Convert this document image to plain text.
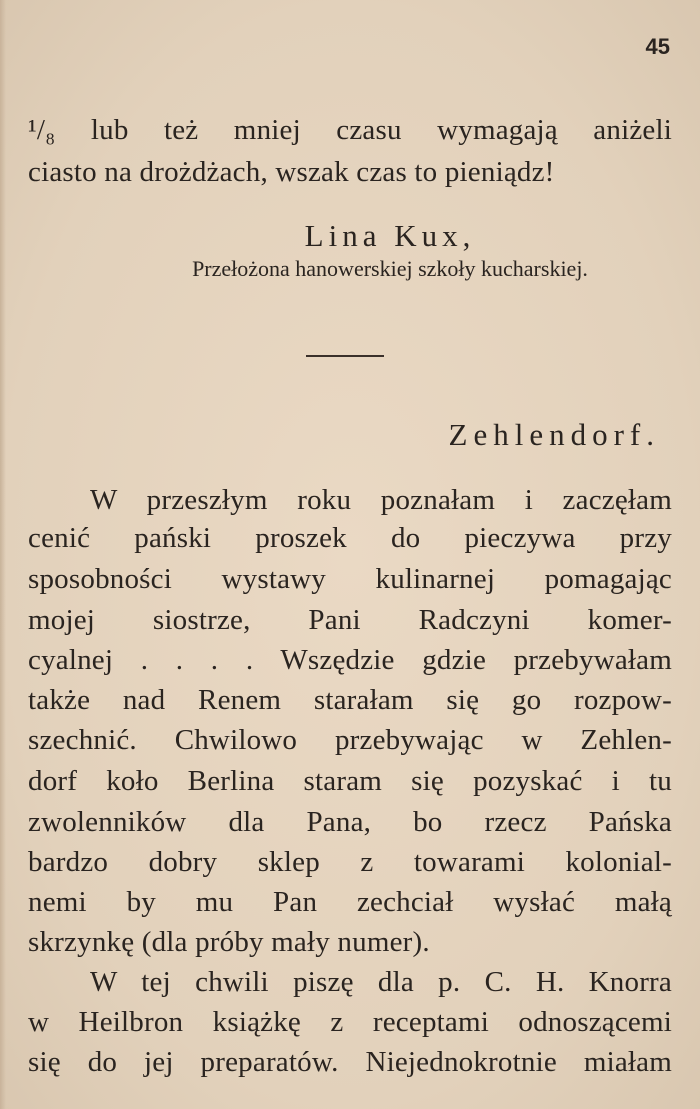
45
¹/₈ lub też mniej czasu wymagają aniżeli
ciasto na drożdżach, wszak czas to pieniądz!
Lina Kux,
Przełożona hanowerskiej szkoły kucharskiej.
Zehlendorf.
W przeszłym roku poznałam i zaczęłam
cenić pański proszek do pieczywa przy
sposobności wystawy kulinarnej pomagając
mojej siostrze, Pani Radczyni komer-
cyalnej . . . . Wszędzie gdzie przebywałam
także nad Renem starałam się go rozpow-
szechnić. Chwilowo przebywając w Zehlen-
dorf koło Berlina staram się pozyskać i tu
zwolenników dla Pana, bo rzecz Pańska
bardzo dobry sklep z towarami kolonial-
nemi by mu Pan zechciał wysłać małą
skrzynkę (dla próby mały numer).
W tej chwili piszę dla p. C. H. Knorra
w Heilbron książkę z receptami odnoszącemi
się do jej preparatów. Niejednokrotnie miałam
